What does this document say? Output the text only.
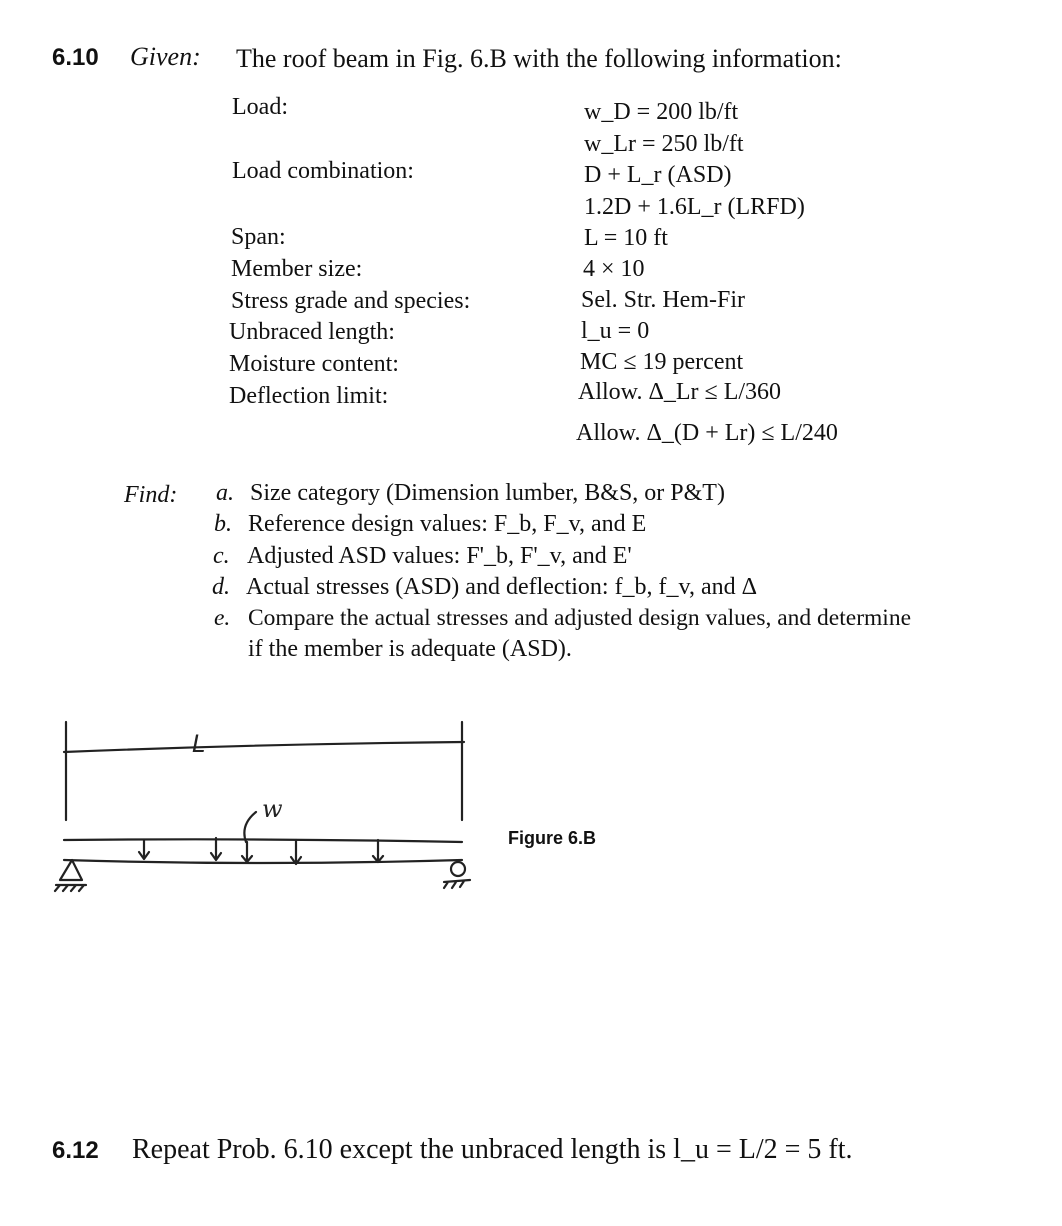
6.10 Given: The roof beam in Fig. 6.B with the following information:
Load:
Load combination:
Span:
Member size:
Stress grade and species:
Unbraced length:
Moisture content:
Deflection limit:
w_D = 200 lb/ft
w_Lr = 250 lb/ft
D + L_r (ASD)
1.2D + 1.6L_r (LRFD)
L = 10 ft
4 × 10
Sel. Str. Hem-Fir
l_u = 0
MC ≤ 19 percent
Allow. Δ_Lr ≤ L/360
Allow. Δ_(D + Lr) ≤ L/240
Find: a. Size category (Dimension lumber, B&S, or P&T)
b. Reference design values: F_b, F_v, and E
c. Adjusted ASD values: F'_b, F'_v, and E'
d. Actual stresses (ASD) and deflection: f_b, f_v, and Δ
e. Compare the actual stresses and adjusted design values, and determine
if the member is adequate (ASD).
L
w
Figure 6.B
6.12 Repeat Prob. 6.10 except the unbraced length is l_u = L/2 = 5 ft.
